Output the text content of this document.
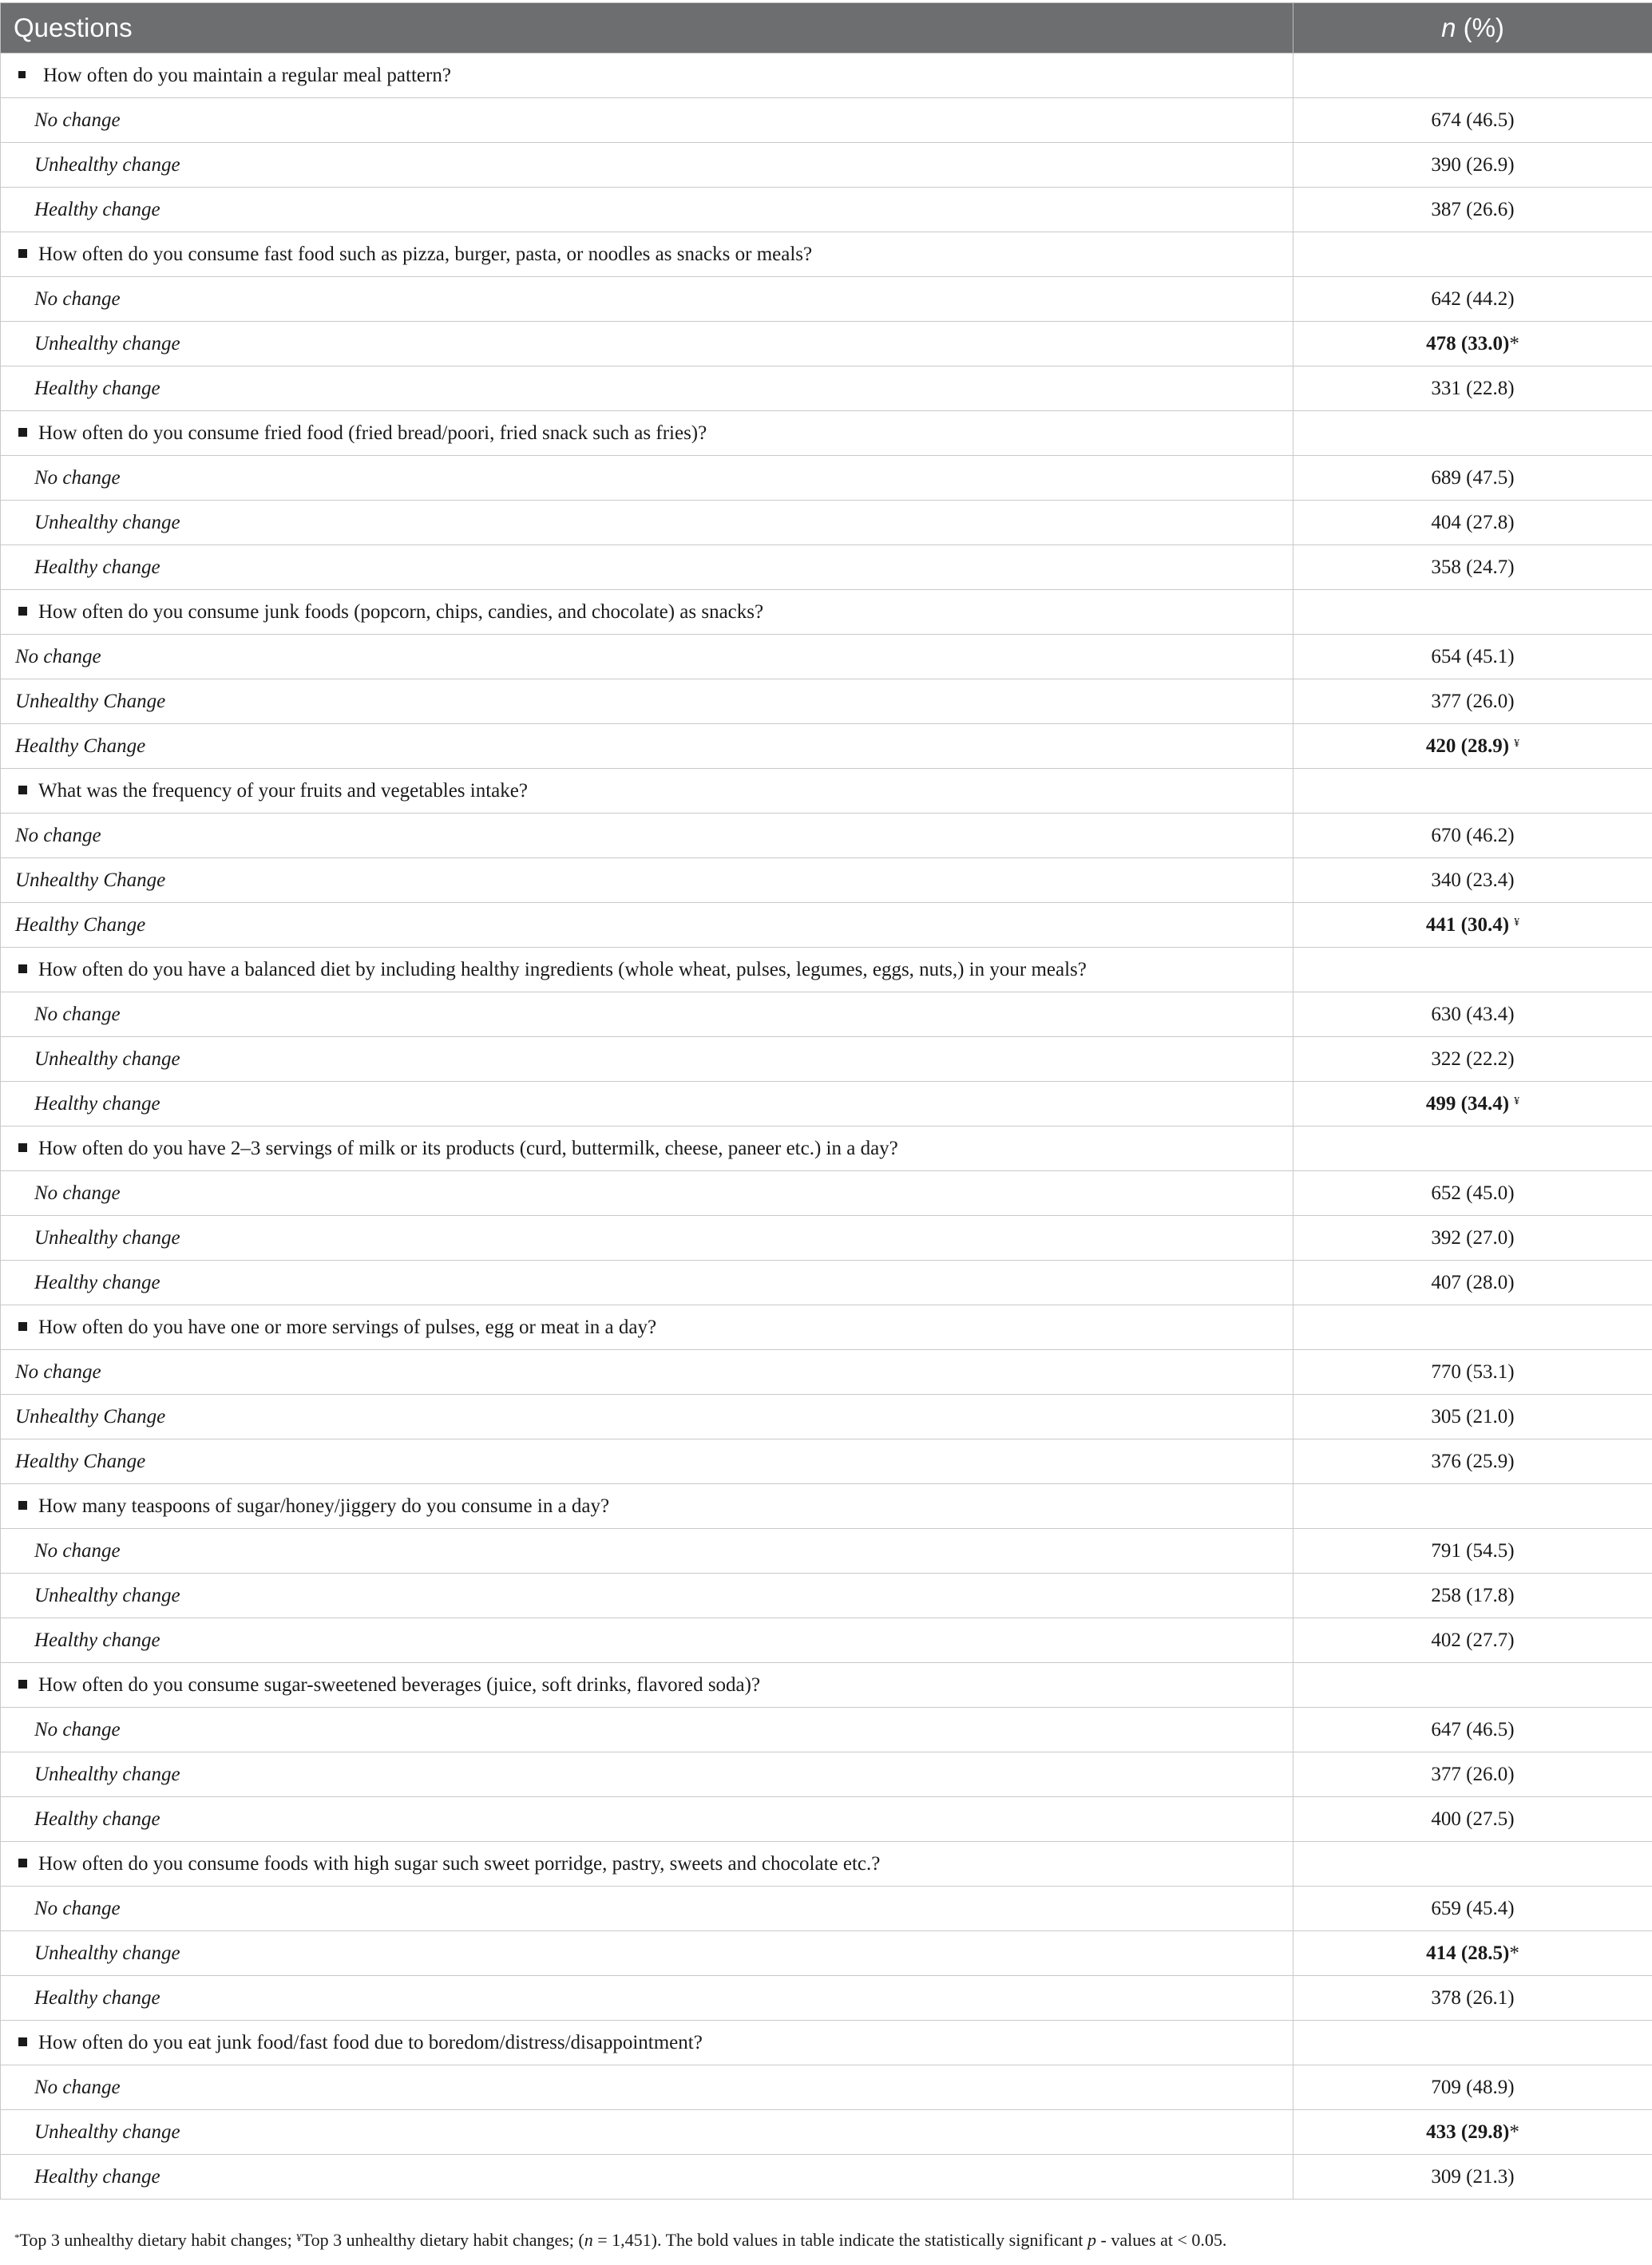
Questions	n (%)
How often do you maintain a regular meal pattern?	
No change	674 (46.5)
Unhealthy change	390 (26.9)
Healthy change	387 (26.6)
How often do you consume fast food such as pizza, burger, pasta, or noodles as snacks or meals?	
No change	642 (44.2)
Unhealthy change	478 (33.0)*
Healthy change	331 (22.8)
How often do you consume fried food (fried bread/poori, fried snack such as fries)?	
No change	689 (47.5)
Unhealthy change	404 (27.8)
Healthy change	358 (24.7)
How often do you consume junk foods (popcorn, chips, candies, and chocolate) as snacks?	
No change	654 (45.1)
Unhealthy Change	377 (26.0)
Healthy Change	420 (28.9) ¥
What was the frequency of your fruits and vegetables intake?	
No change	670 (46.2)
Unhealthy Change	340 (23.4)
Healthy Change	441 (30.4) ¥
How often do you have a balanced diet by including healthy ingredients (whole wheat, pulses, legumes, eggs, nuts,) in your meals?	
No change	630 (43.4)
Unhealthy change	322 (22.2)
Healthy change	499 (34.4) ¥
How often do you have 2–3 servings of milk or its products (curd, buttermilk, cheese, paneer etc.) in a day?	
No change	652 (45.0)
Unhealthy change	392 (27.0)
Healthy change	407 (28.0)
How often do you have one or more servings of pulses, egg or meat in a day?	
No change	770 (53.1)
Unhealthy Change	305 (21.0)
Healthy Change	376 (25.9)
How many teaspoons of sugar/honey/jiggery do you consume in a day?	
No change	791 (54.5)
Unhealthy change	258 (17.8)
Healthy change	402 (27.7)
How often do you consume sugar-sweetened beverages (juice, soft drinks, flavored soda)?	
No change	647 (46.5)
Unhealthy change	377 (26.0)
Healthy change	400 (27.5)
How often do you consume foods with high sugar such sweet porridge, pastry, sweets and chocolate etc.?	
No change	659 (45.4)
Unhealthy change	414 (28.5)*
Healthy change	378 (26.1)
How often do you eat junk food/fast food due to boredom/distress/disappointment?	
No change	709 (48.9)
Unhealthy change	433 (29.8)*
Healthy change	309 (21.3)
*Top 3 unhealthy dietary habit changes; ¥Top 3 unhealthy dietary habit changes; (n = 1,451). The bold values in table indicate the statistically significant p - values at < 0.05.
